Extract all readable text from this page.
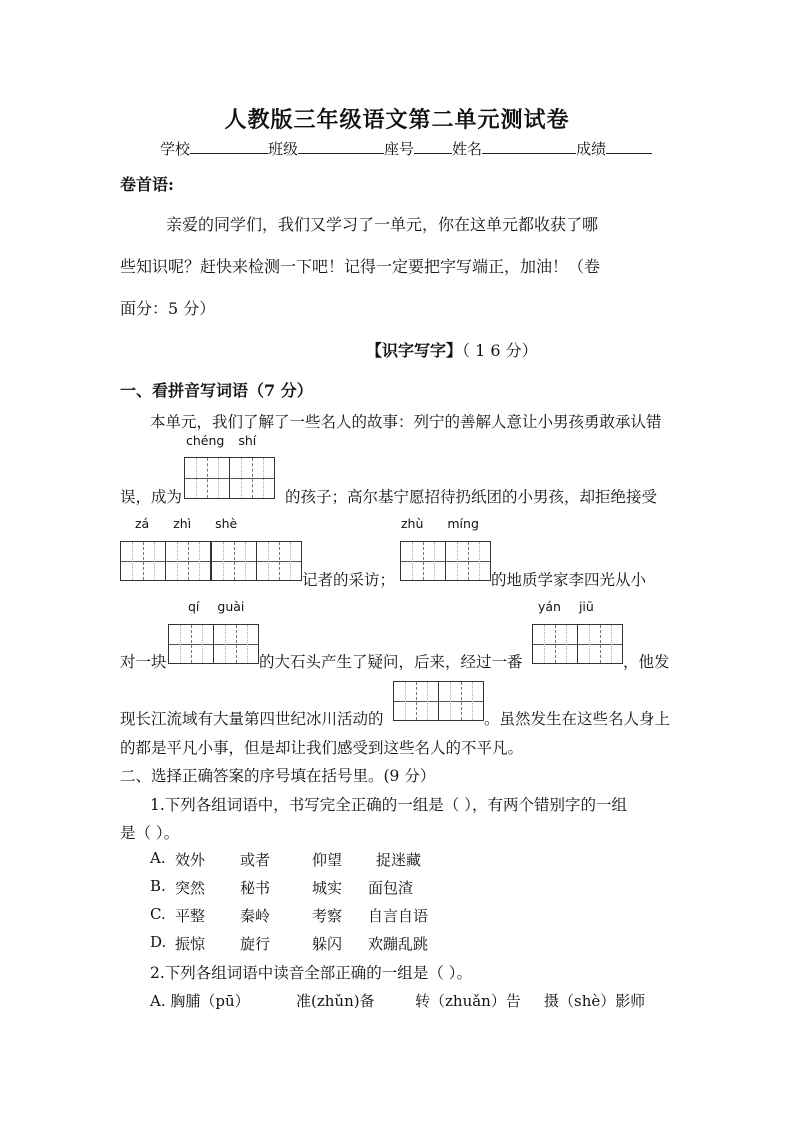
人教版三年级语文第二单元测试卷
学校	班级	座号	姓名	成绩
卷首语:
亲爱的同学们，我们又学习了一单元，你在这单元都收获了哪
些知识呢？赶快来检测一下吧！记得一定要把字写端正，加油！（卷
面分：5 分）
【识字写字】（ 1 6 分）
一、看拼音写词语（7 分）
本单元，我们了解了一些名人的故事：列宁的善解人意让小男孩勇敢承认错
chéng shí
误，成为	的孩子；高尔基宁愿招待扔纸团的小男孩，却拒绝接受
zá zhì shè	zhù míng
记者的采访；	的地质学家李四光从小
qí guài	yán jiū
对一块	的大石头产生了疑问，后来，经过一番	，他发
现长江流域有大量第四世纪冰川活动的	。虽然发生在这些名人身上
的都是平凡小事，但是却让我们感受到这些名人的不平凡。
二、选择正确答案的序号填在括号里。(9 分）
1.下列各组词语中，书写完全正确的一组是（ ），有两个错别字的一组
是（ ）。
A. 效外 或者	仰望 捉迷藏
B. 突然 秘书	城实 面包渣
C. 平整 秦岭	考察 自言自语
D. 振惊 旋行	躲闪 欢蹦乱跳
2.下列各组词语中读音全部正确的一组是（ ）。
A. 胸脯（pū）	准(zhǔn)备	转（zhuǎn）告 摄（shè）影师
